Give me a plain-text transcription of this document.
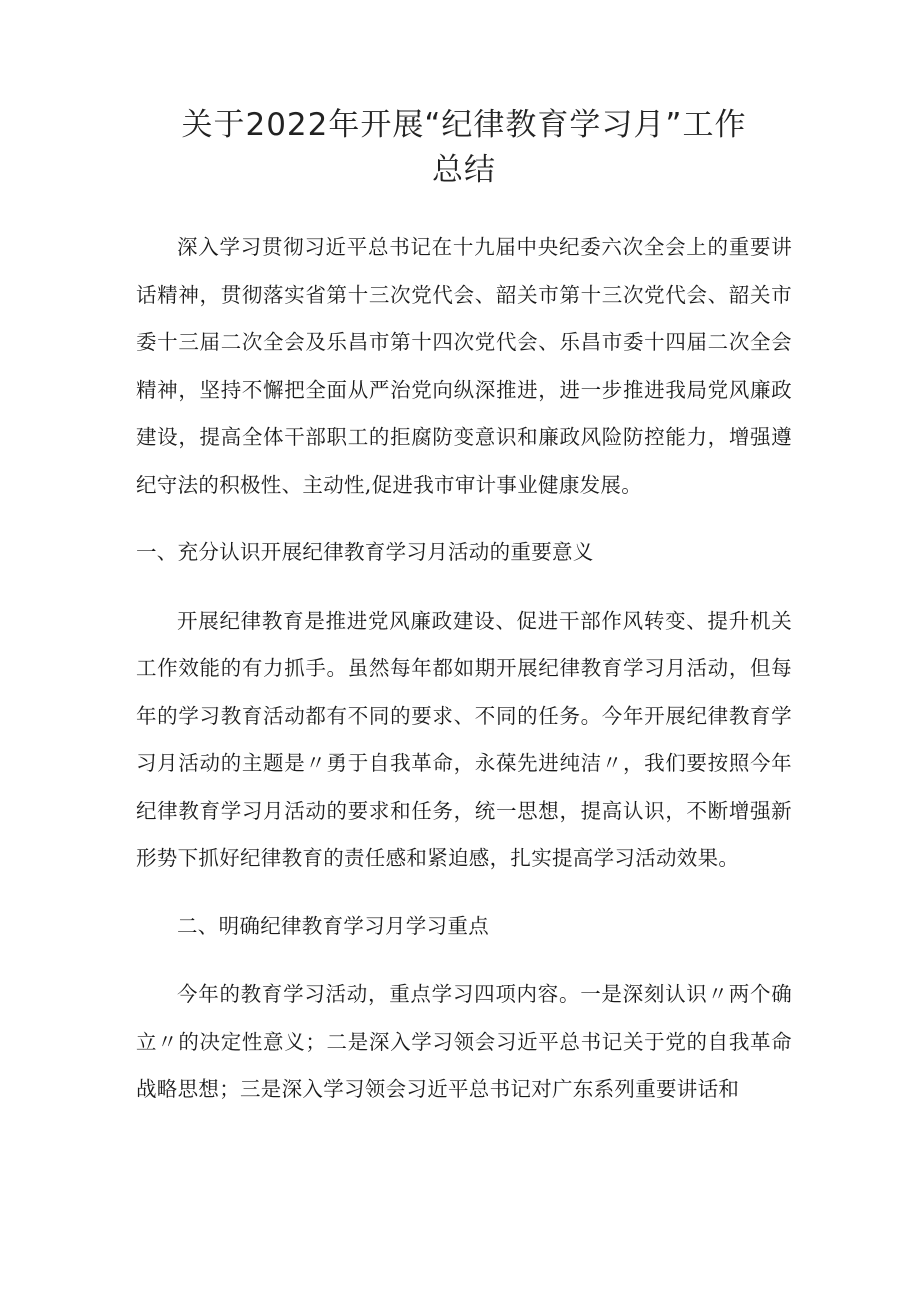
关于2022年开展“纪律教育学习月”工作
总结

深入学习贯彻习近平总书记在十九届中央纪委六次全会上的重要讲话精神，贯彻落实省第十三次党代会、韶关市第十三次党代会、韶关市委十三届二次全会及乐昌市第十四次党代会、乐昌市委十四届二次全会精神，坚持不懈把全面从严治党向纵深推进，进一步推进我局党风廉政建设，提高全体干部职工的拒腐防变意识和廉政风险防控能力，增强遵纪守法的积极性、主动性,促进我市审计事业健康发展。

一、充分认识开展纪律教育学习月活动的重要意义

开展纪律教育是推进党风廉政建设、促进干部作风转变、提升机关工作效能的有力抓手。虽然每年都如期开展纪律教育学习月活动，但每年的学习教育活动都有不同的要求、不同的任务。今年开展纪律教育学习月活动的主题是〃勇于自我革命，永葆先进纯洁〃，我们要按照今年纪律教育学习月活动的要求和任务，统一思想，提高认识，不断增强新形势下抓好纪律教育的责任感和紧迫感，扎实提高学习活动效果。

二、明确纪律教育学习月学习重点

今年的教育学习活动，重点学习四项内容。一是深刻认识〃两个确立〃的决定性意义；二是深入学习领会习近平总书记关于党的自我革命战略思想；三是深入学习领会习近平总书记对广东系列重要讲话和
